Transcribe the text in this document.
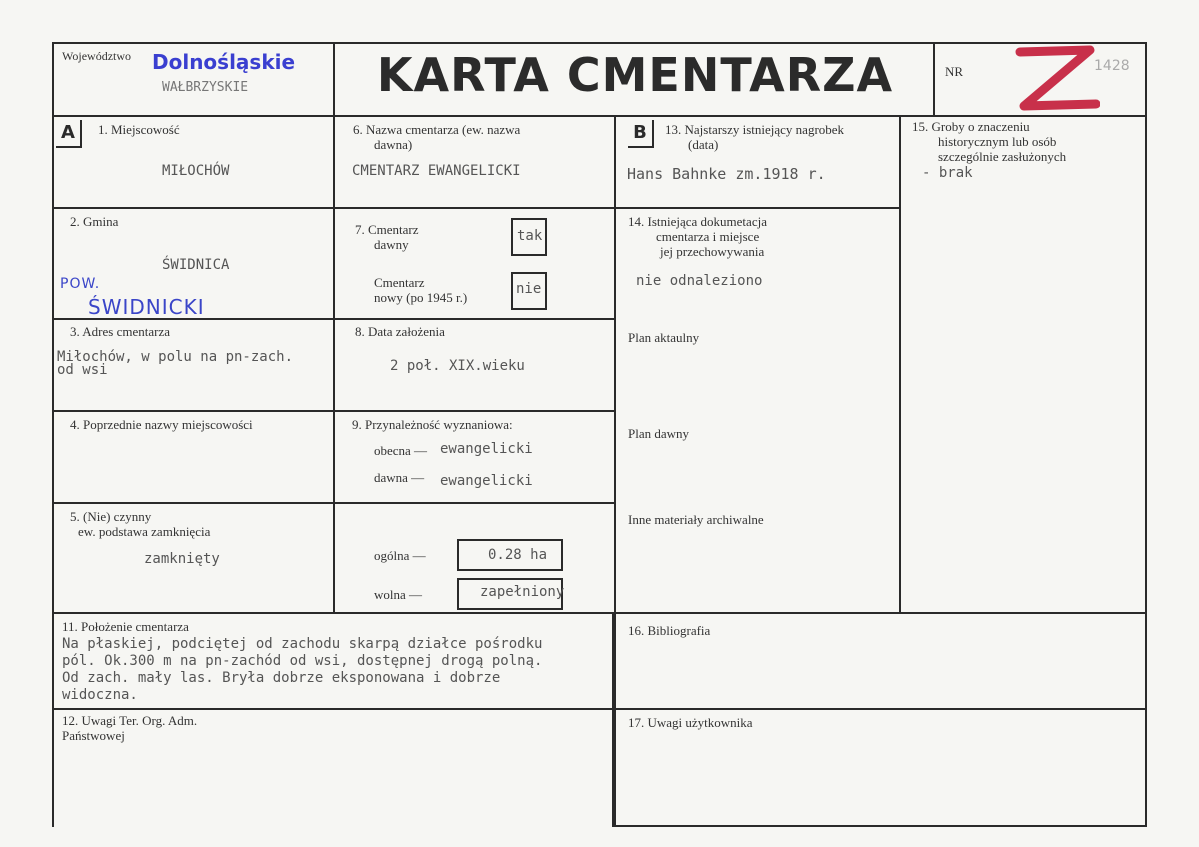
Województwo Dolnośląskie
WAŁBRZYSKIE	KARTA CMENTARZA	NR	1428
A	1. Miejscowość
MIŁOCHÓW
2. Gmina
ŚWIDNICA
POW.
ŚWIDNICKI
3. Adres cmentarza
Miłochów, w polu na pn-zach.
od wsi
4. Poprzednie nazwy miejscowości
5. (Nie) czynny
ew. podstawa zamknięcia
zamknięty
6. Nazwa cmentarza (ew. nazwa
dawna)
CMENTARZ EWANGELICKI
7. Cmentarz
dawny
tak
Cmentarz
nowy (po 1945 r.)
nie
8. Data założenia
2 poł. XIX.wieku
9. Przynależność wyznaniowa:
obecna — ewangelicki
dawna — ewangelicki
ogólna —	0.28 ha
wolna —	zapełniony
B	13. Najstarszy istniejący nagrobek
(data)
Hans Bahnke zm.1918 r.
14. Istniejąca dokumetacja
cmentarza i miejsce
jej przechowywania
nie odnaleziono
Plan aktaulny
Plan dawny
Inne materiały archiwalne
15. Groby o znaczeniu
historycznym lub osób
szczególnie zasłużonych
- brak
11. Położenie cmentarza
Na płaskiej, podciętej od zachodu skarpą działce pośrodku
pól. Ok.300 m na pn-zachód od wsi, dostępnej drogą polną.
Od zach. mały las. Bryła dobrze eksponowana i dobrze
widoczna.
12. Uwagi Ter. Org. Adm.
Państwowej
16. Bibliografia
17. Uwagi użytkownika
